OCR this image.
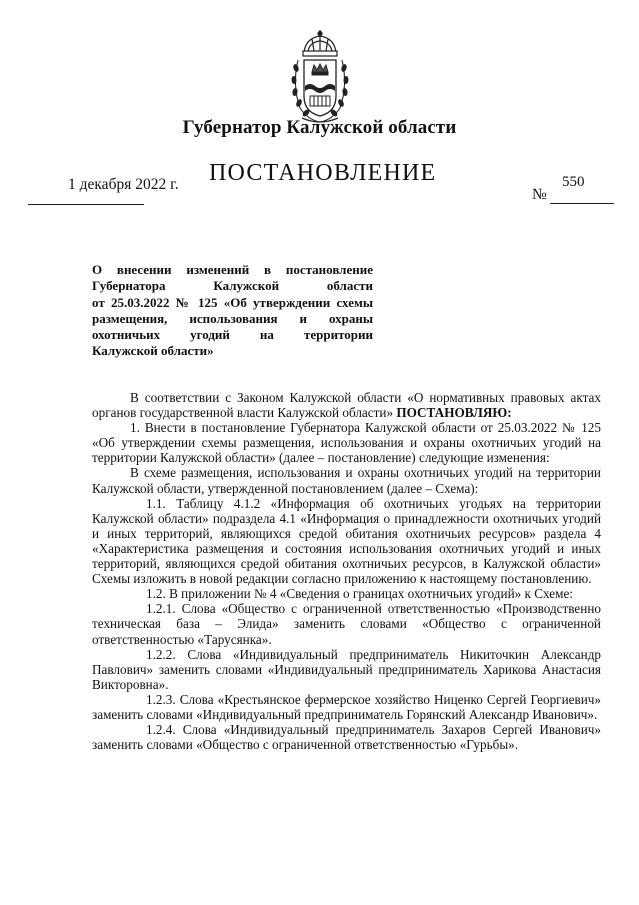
Губернатор Калужской области
1 декабря 2022 г. ПОСТАНОВЛЕНИЕ	550
№
О внесении изменений в постановление
Губернатора Калужской области
от 25.03.2022 № 125 «Об утверждении схемы
размещения, использования и охраны
охотничьих угодий на территории
Калужской области»

В соответствии с Законом Калужской области «О нормативных правовых актах органов государственной власти Калужской области» ПОСТАНОВЛЯЮ:

1. Внести в постановление Губернатора Калужской области от 25.03.2022 № 125 «Об утверждении схемы размещения, использования и охраны охотничьих угодий на территории Калужской области» (далее – постановление) следующие изменения:

В схеме размещения, использования и охраны охотничьих угодий на территории Калужской области, утвержденной постановлением (далее – Схема):

1.1. Таблицу 4.1.2 «Информация об охотничьих угодьях на территории Калужской области» подраздела 4.1 «Информация о принадлежности охотничьих угодий и иных территорий, являющихся средой обитания охотничьих ресурсов» раздела 4 «Характеристика размещения и состояния использования охотничьих угодий и иных территорий, являющихся средой обитания охотничьих ресурсов, в Калужской области» Схемы изложить в новой редакции согласно приложению к настоящему постановлению.

1.2. В приложении № 4 «Сведения о границах охотничьих угодий» к Схеме:

1.2.1. Слова «Общество с ограниченной ответственностью «Производственно техническая база – Элида» заменить словами «Общество с ограниченной ответственностью «Тарусянка».

1.2.2. Слова «Индивидуальный предприниматель Никиточкин Александр Павлович» заменить словами «Индивидуальный предприниматель Харикова Анастасия Викторовна».

1.2.3. Слова «Крестьянское фермерское хозяйство Ниценко Сергей Георгиевич» заменить словами «Индивидуальный предприниматель Горянский Александр Иванович».

1.2.4. Слова «Индивидуальный предприниматель Захаров Сергей Иванович» заменить словами «Общество с ограниченной ответственностью «Гурьбы».
